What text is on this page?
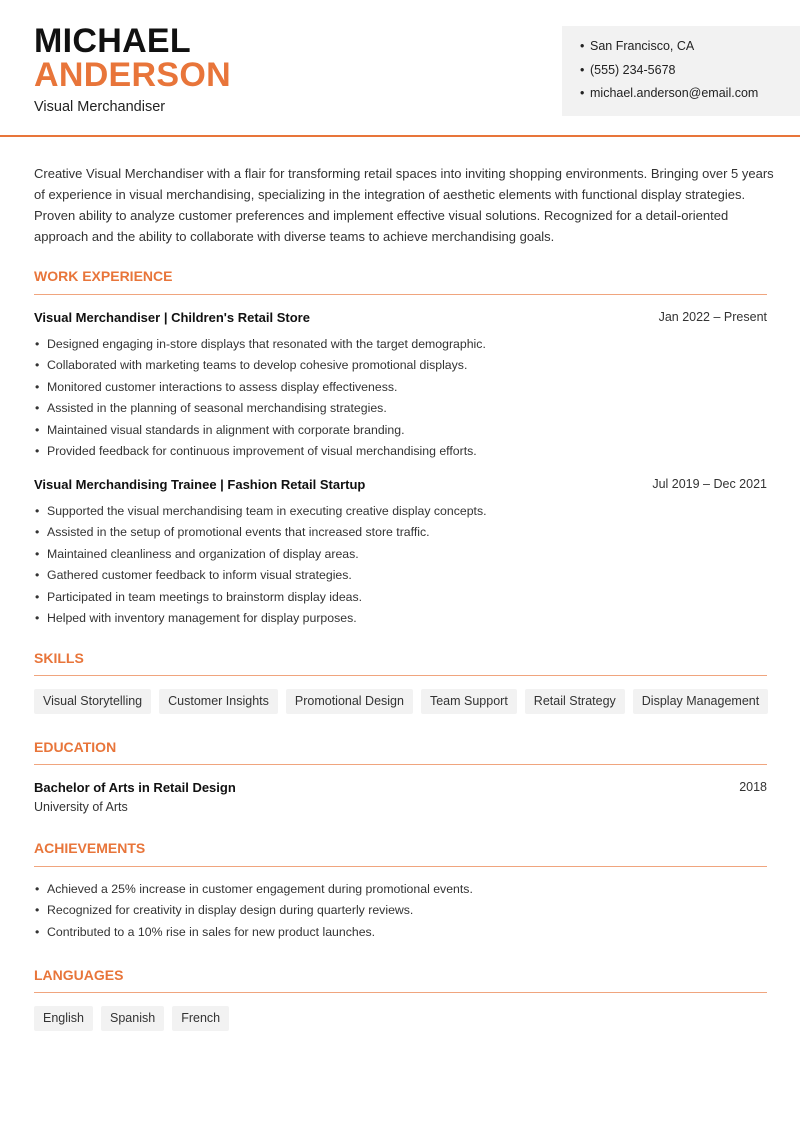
MICHAEL
ANDERSON
Visual Merchandiser
• San Francisco, CA
• (555) 234-5678
• michael.anderson@email.com
Creative Visual Merchandiser with a flair for transforming retail spaces into inviting shopping environments. Bringing over 5 years of experience in visual merchandising, specializing in the integration of aesthetic elements with functional display strategies. Proven ability to analyze customer preferences and implement effective visual solutions. Recognized for a detail-oriented approach and the ability to collaborate with diverse teams to achieve merchandising goals.
WORK EXPERIENCE
Visual Merchandiser | Children's Retail Store	Jan 2022 – Present
• Designed engaging in-store displays that resonated with the target demographic.
• Collaborated with marketing teams to develop cohesive promotional displays.
• Monitored customer interactions to assess display effectiveness.
• Assisted in the planning of seasonal merchandising strategies.
• Maintained visual standards in alignment with corporate branding.
• Provided feedback for continuous improvement of visual merchandising efforts.
Visual Merchandising Trainee | Fashion Retail Startup	Jul 2019 – Dec 2021
• Supported the visual merchandising team in executing creative display concepts.
• Assisted in the setup of promotional events that increased store traffic.
• Maintained cleanliness and organization of display areas.
• Gathered customer feedback to inform visual strategies.
• Participated in team meetings to brainstorm display ideas.
• Helped with inventory management for display purposes.
SKILLS
Visual Storytelling	Customer Insights	Promotional Design	Team Support	Retail Strategy	Display Management
EDUCATION
Bachelor of Arts in Retail Design	2018
University of Arts
ACHIEVEMENTS
• Achieved a 25% increase in customer engagement during promotional events.
• Recognized for creativity in display design during quarterly reviews.
• Contributed to a 10% rise in sales for new product launches.
LANGUAGES
English	Spanish	French
